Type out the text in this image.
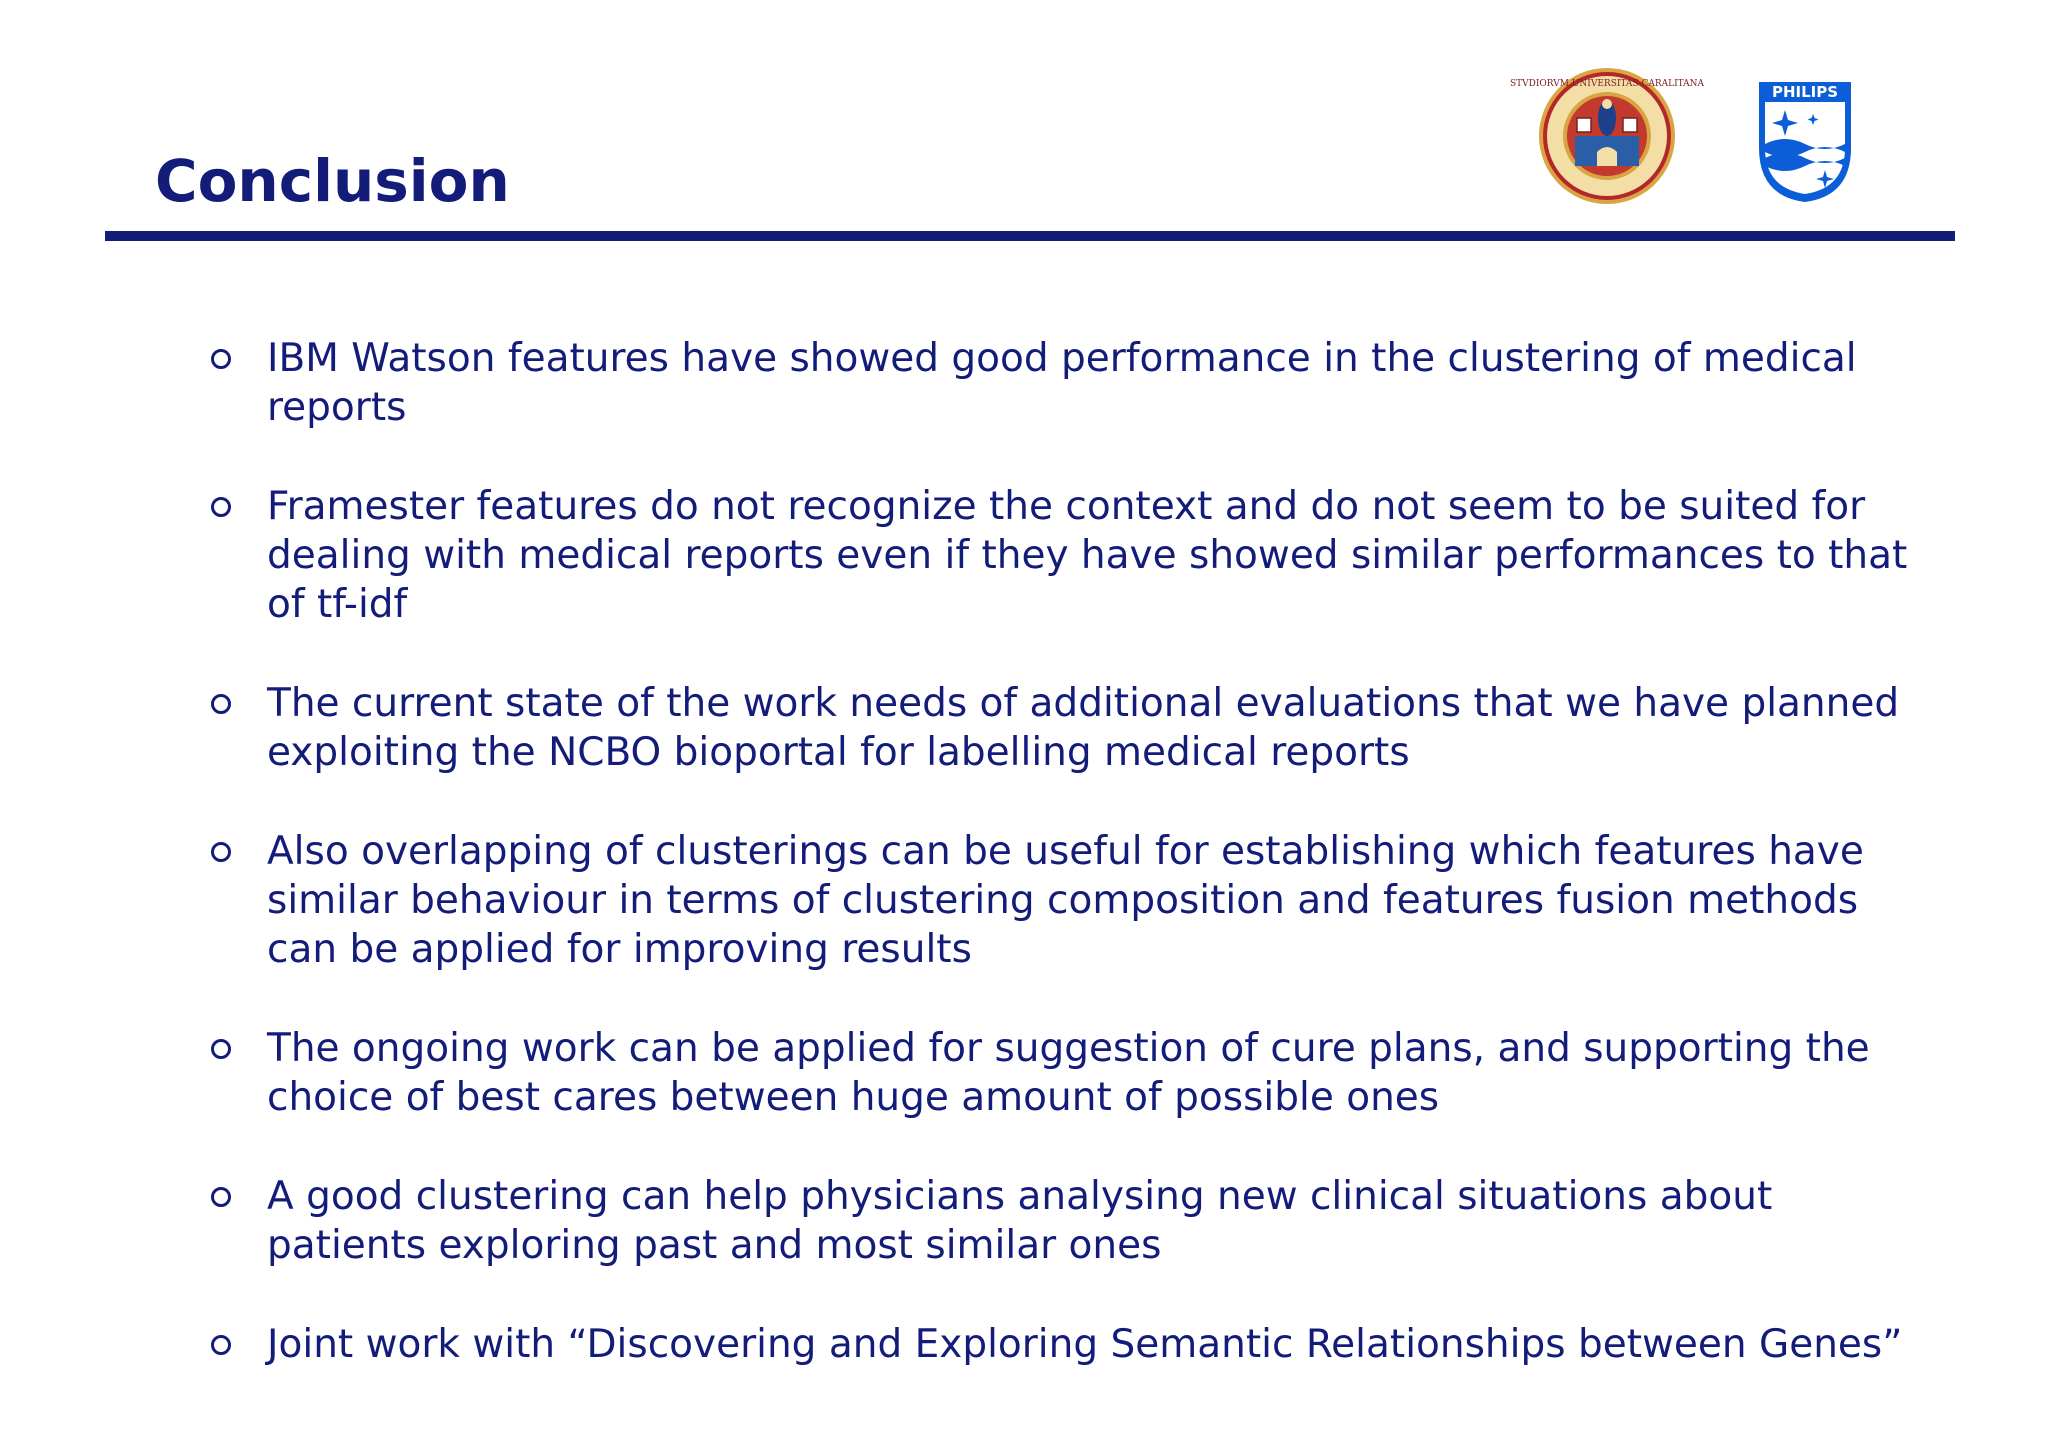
Conclusion
STVDIORVM UNIVERSITAS CARALITANA	PHILIPS
IBM Watson features have showed good performance in the clustering of medical reports
Framester features do not recognize the context and do not seem to be suited for dealing with medical reports even if they have showed similar performances to that of tf-idf
The current state of the work needs of additional evaluations that we have planned exploiting the NCBO bioportal for labelling medical reports
Also overlapping of clusterings can be useful for establishing which features have similar behaviour in terms of clustering composition and features fusion methods can be applied for improving results
The ongoing work can be applied for suggestion of cure plans, and supporting the choice of best cares between huge amount of possible ones
A good clustering can help physicians analysing new clinical situations about patients exploring past and most similar ones
Joint work with “Discovering and Exploring Semantic Relationships between Genes”
